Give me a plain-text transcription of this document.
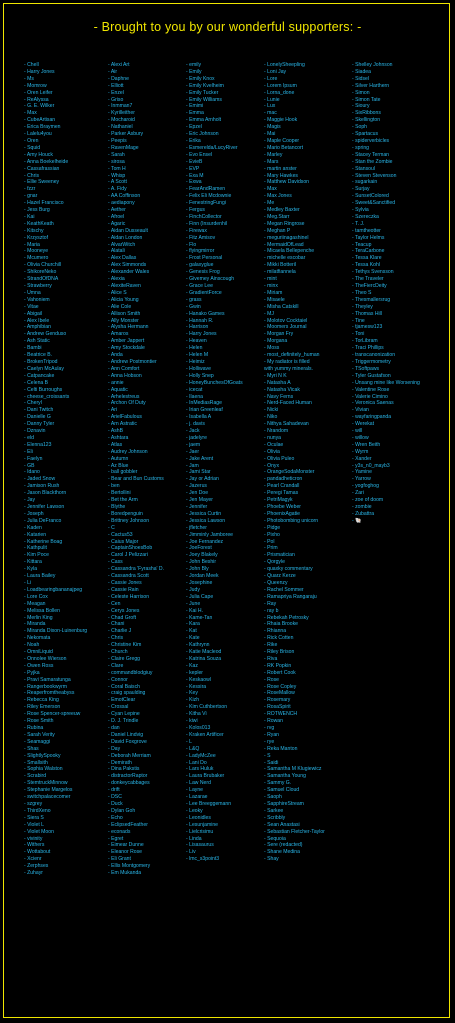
- Brought to you by our wonderful supporters: -
- Chell
- Harry Jones
- Ms
- Momrow
- Oren Leifer
- ReAlyssa
- G. E. Wilker
- Max
- CubeArtisan
- Erica Braymen
- Lalelu4you
- Oren
- Squid
- Amy Houck
- Anna Boekelheide
- Cassafrassian
- Chris
- Ellie Sweeney
- fzzr
- gnar
- Hazel Francisco
- Jess Burg
- Kai
- KeathKeath
- Kitschy
- Krzysztof
- Maria
- Mooneye
- Mcumero
- Olivia Churchill
- ShikoreNeko
- StrandOfDNA
- Strawberry
- Umna
- Vahoniem
- Vitae
- Abigail
- Alex Ibele
- Amphibian
- Andrew Gendusо
- Ash Static
- Bambi
- Beatrice B.
- BrokenTripod
- Caelyn McAulay
- Catpancake
- Celena B
- Celti Burroughs
- cheese_croissants
- Cheryl
- Dani Twitch
- Danielle G
- Danny Tyler
- Dznavin
- eld
- Elenna123
- Eli
- Faelyn
- GB
- Idano
- Jaded Snow
- Jamison Rush
- Jason Blackthorn
- Jay
- Jennifer Lawson
- Joseph
- Julia DeFranco
- Kaden
- Katarien
- Katherine Boag
- Kathpulit
- Kim Poce
- Kittara
- Kyla
- Laura Bailey
- Li
- Loadbearingbananajpeg
- Lore Cox
- Meagan
- Melissa Bollen
- Merlin King
- Miranda
- Miranda Dixon-Luinenburg
- Nekomata
- Noah
- OmniLiquid
- Onnolee Wierson
- Owen Ross
- Pyjka
- Pravi Samaratunga
- Rangerbookwyrm
- Reaperfromtheabyss
- Rebecca King
- Riley Emerson
- Rose Spencer-spreeuw
- Rose Smith
- Rubina
- Sarah Verity
- Seamaggi
- Shas
- SlightlySpooky
- Smallsith
- Sophia Walston
- Scrabird
- StemtruckMinnow
- Stephanie Margelos
- switchpalacecomer
- szgrey
- ThirdXeno
- Siera S
- Violet L
- Violet Moon
- vivinity
- Withers
- Wottabout
- Xcienr
- Zerphses
- Zuhayr
- Alexi Art
- Air
- Daphne
- Elliott
- Enzel
- Griso
- Inmman7
- Kyrilleither
- Mocharoid
- Nathaniel
- Parker Asbury
- Peepis
- RavenMage
- Sarah
- sirosa
- Tom H
- Whisp
- A Scott
- A. Fidy
- AA Coffinson
- aediapony
- Aether
- Afroel
- Agaric
- Aidan Dusseault
- Aidan London
- AlvarWitch
- Alatali
- Alex Dallas
- Alex Simmonds
- Alexander Wales
- Alexia
- AlexiteRaven
- Alice S
- Alicia Young
- Alie Cole
- Allison Smith
- Ally Monster
- Alysha Hermann
- Amaros
- Amber Jappert
- Amy Stockdale
- Anda
- Andrew Postmontier
- Ann Comfort
- Anna Hobson
- annie
- Aquatic
- Arhelestreus
- Archon Of Duty
- Ari
- ArielFabulous
- Arn Astratic
- AshB
- Ashtara
- Atlas
- Audrey Johnson
- Autumn
- Az Blue
- ball gobbler
- Bear and Bun Customs
- ben
- Bertollini
- Bet the Arm
- Blythe
- Boredpenguin
- Brittney Johnson
- C
- Cactus53
- Caius Major
- CaptainShoesBob
- Carol J Pelizzari
- Cass
- Cassandra 'Fyrasha' D.
- Cassandra Scott
- Cassie Jones
- Cassie Rain
- Celeste Harrison
- Cen
- Cerys Jones
- Chad Groft
- Chani
- Charlie J
- Chris
- Christine Kim
- Church
- Claire Gregg
- Clare
- commandblodgiuy
- Connor
- Coral Baisch
- craig spaulding
- EmotClear
- Crossal
- Cyan Lepine
- D. J. Trindle
- dan
- Daniel Lindvig
- David Foxgrove
- Day
- Deborah Merriam
- Demirath
- Dina Pakstis
- distractorRaptor
- donkeycabbages
- drift
- DSC
- Duck
- Dylan Goh
- Echo
- EclipsedFeather
- econads
- Egret
- Eimear Dunne
- Eleanor Rose
- Eli Grant
- Ellis Montgomery
- Em Mukanda
- emily
- Emily
- Emily Knox
- Emily Kvelheim
- Emily Tucker
- Emily Williams
- Emimi
- Emma
- Emma Arnholt
- Epzel
- Eric Johnson
- Erika
- Esmerelda/LucyRiver
- Evo Ensel
- EvieB
- EVP
- Exa M
- Exwa
- FearAndRamen
- Felix Eli Mcdownie
- FenestringFungi
- Fergus
- FinchCollector
- Finn (Insurdenhil
- Firewax
- Fitz Amisov
- Flo
- flyingmirror
- Frost Personal
- galaxyglue
- Genesis Frog
- Givemey Ainscough
- Grace Lee
- GradientForce
- grass
- Gwin
- Hanako Games
- Hannah R.
- Harrison
- Harry Jones
- Heaven
- Helen
- Helen M
- Heimiz
- Holliwave
- Holly Snep
- HoneyBunchesOfGoats
- icecat
- Ilaena
- InMediasRage
- Irian Greenleaf
- Isabella A
- j. davis
- Jack
- jadelyre
- jaem
- Jaer
- Jake Arent
- Jam
- Jami Star
- Jay or Adrian
- Jazerus
- Jen Doe
- Jen Mayer
- Jennifer
- Jessica Curtin
- Jessica Lawson
- jfletcher
- Jimminly Jamboree
- Joe Fernandez
- JoeForest
- Joey Blakely
- John Beshir
- John Bly
- Jordan Meek
- Josephine
- Judy
- Julia Cape
- June
- Kai H.
- Kame-Tan
- Kara
- Kat
- Kate
- Kathrynn
- Katie Macleod
- Katrina Souza
- Kaz
- kepler
- Keskaowl
- Kessira
- Key
- Kizh
- Kim Cuthbertson
- Kitha Vi
- kiwi
- Kolos013
- Kraken Artificer
- L
- L&Q
- LadyMcZee
- Lani Do
- Lars Huluk
- Laura Brubaker
- Law Nerd
- Layne
- Lazarae
- Lee Breeggemann
- Leoky
- Leonidles
- Lesunjamine
- Lielcrisimu
- Linda
- Lisasaurus
- Liv
- lmc_s3point3
- LonelySheepling
- Loni Jay
- Lore
- Lorem Ipsum
- Lorna_done
- Lunie
- Lux
- mac
- Maggie Hook
- Magis
- Mai
- Maple Cooper
- Mario Betancort
- Marley
- Mars
- martin anster
- Mary Hawkes
- Matthew Davidson
- Max
- Max Jones
- Me
- Medley Baxter
- Meg.Starr
- Megan Ringrose
- Meghan P
- meguriinagashinel
- MermaidOfLead
- Micaela Bellepenche
- michelle escobar
- Mikki Botteril
- milatfiannela
- mint
- minx
- Miriam
- Misaele
- Misha Catskill
- MJ
- Molotov Cocktaiel
- Moomers Journal
- Morgan Fry
- Morgana
- Moss
- most_definitely_human
- My radiator is filled
with yummy minerals.
- Myri N K
- Natasha A
- Natasha Vicak
- Navy Ferns
- Nerd-Faced Human
- Nicki
- Niko
- Nithya Sahadevan
- Nrandom
- nunya
- Oculae
- Olivia
- Olivia Puleo
- Onyx
- OrangeSodaMonster
- pandadheticron
- Pearl Crandall
- Peregi Tamas
- PetriMagyk
- Phoebe Weber
- PhoenixAgatie
- Photobombing unicorn
- Pidge
- Pixho
- Pol
- Prim
- Prismatician
- Qorgyle
- quaxky commentary
- Quarz Kerze
- Queenzy
- Rachel Sommer
- Ramapriya Rangaraju
- Ray
- ray b
- Rebekah Petrosky
- Rhaia Brooke
- Rhianna
- Rick Cotten
- Rike
- Riley Brison
- Riva
- RK Popkin
- Robert Cook
- Rose
- Rose Copley
- RoseMallow
- Rosemary
- RosaSpirit
- ROTWENCH
- Rowan
- rvg
- Ryan
- rye
- Reka Manton
- S
- Saidi
- Samantha M Klugiewicz
- Samantha Young
- Sammy G.
- Samuel Cloud
- Saoph
- SapphireStream
- Sarkee
- Scribbly
- Sean Anastasi
- Sebastian Fletcher-Taylor
- Sequoia
- Sere (redacted)
- Shane Medina
- Shay
- Shelley Johnson
- Siadea
- Sidsel
- Silver Harthern
- Simon
- Simon Tate
- Sioury
- SixRibbons
- Skellington
- Soph
- Spartacus
- spiderverbicles
- spring
- Stacey Terman
- Stan the Zombie
- Stansoul
- Steven Stevenson
- sugarkain
- Surjay
- SunsetColored
- Sweet&Sanctified
- Sylvia
- Szereczka
- T. J.
- tamtheotter
- Taylor Helms
- Teacup
- TeraCarbone
- Tessa Klare
- Tessa Kohl
- Tethys Svensson
- The Traveler
- TheFiercDeity
- Theo S
- Thesmallersrug
- Theyley
- Thomas Hill
- Tine
- tjamesw123
- Toni
- TorLibram
- Traci Phillips
- transcanonization
- Triggermometry
- TSoftpaws
- Tyler Gustafson
- Unsang mine like Worsening
- Valentine Rose
- Valerie Cimino
- Veronica Saenas
- Vivian
- wayfaringpanda
- Werekat
- will
- willow
- Wren Beith
- Wyrm
- Xander
- y3s_n0_mayb3
- Yamine
- Yarrow
- yogfoghog
- Zari
- zoe of doom
- zombie
- Zubattra
- 🐚
